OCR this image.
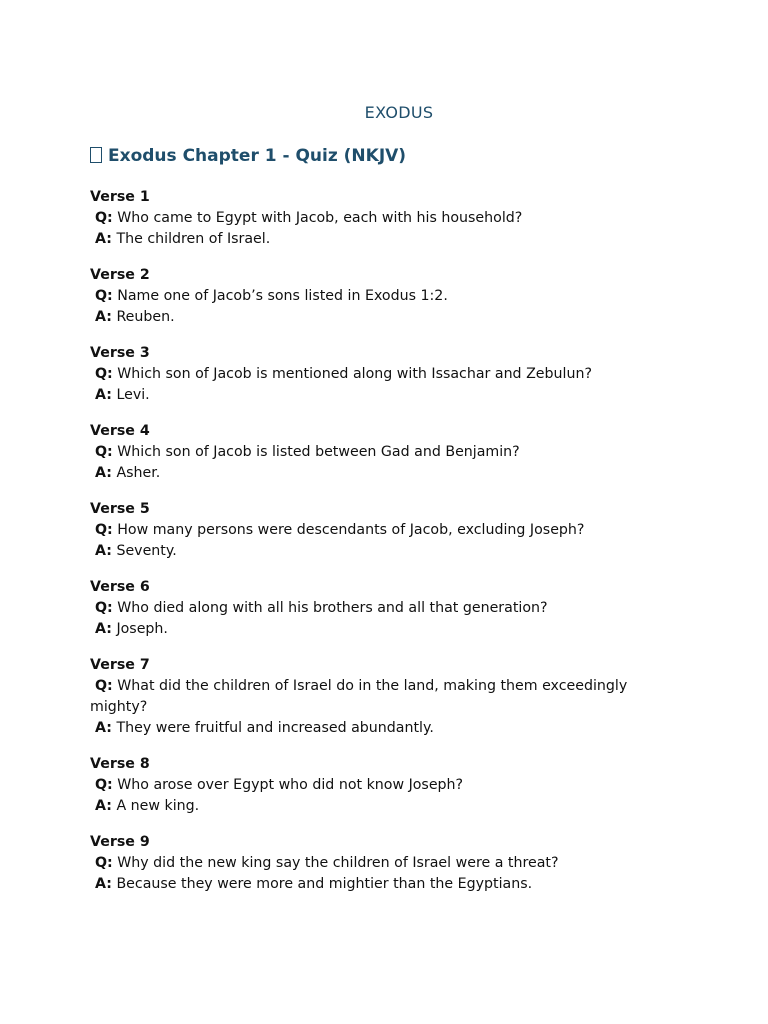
EXODUS
Exodus Chapter 1 - Quiz (NKJV)
Verse 1
Q: Who came to Egypt with Jacob, each with his household?
A: The children of Israel.
Verse 2
Q: Name one of Jacob’s sons listed in Exodus 1:2.
A: Reuben.
Verse 3
Q: Which son of Jacob is mentioned along with Issachar and Zebulun?
A: Levi.
Verse 4
Q: Which son of Jacob is listed between Gad and Benjamin?
A: Asher.
Verse 5
Q: How many persons were descendants of Jacob, excluding Joseph?
A: Seventy.
Verse 6
Q: Who died along with all his brothers and all that generation?
A: Joseph.
Verse 7
Q: What did the children of Israel do in the land, making them exceedingly mighty?
A: They were fruitful and increased abundantly.
Verse 8
Q: Who arose over Egypt who did not know Joseph?
A: A new king.
Verse 9
Q: Why did the new king say the children of Israel were a threat?
A: Because they were more and mightier than the Egyptians.
